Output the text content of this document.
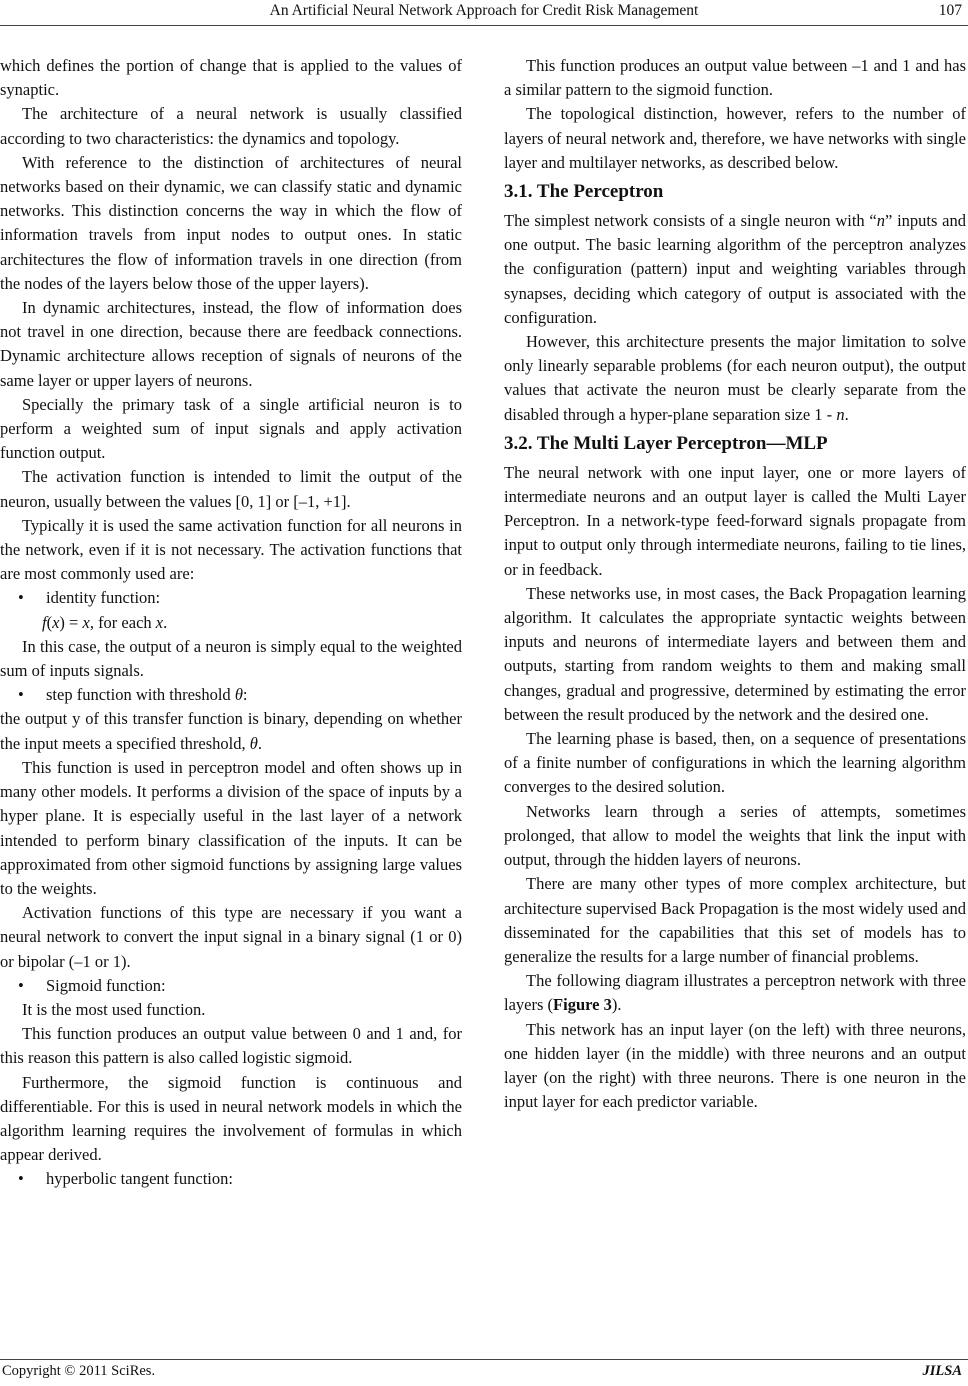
An Artificial Neural Network Approach for Credit Risk Management	107

which defines the portion of change that is applied to the values of synaptic.

The architecture of a neural network is usually classified according to two characteristics: the dynamics and topology.

With reference to the distinction of architectures of neural networks based on their dynamic, we can classify static and dynamic networks. This distinction concerns the way in which the flow of information travels from input nodes to output ones. In static architectures the flow of information travels in one direction (from the nodes of the layers below those of the upper layers).

In dynamic architectures, instead, the flow of information does not travel in one direction, because there are feedback connections. Dynamic architecture allows reception of signals of neurons of the same layer or upper layers of neurons.

Specially the primary task of a single artificial neuron is to perform a weighted sum of input signals and apply activation function output.

The activation function is intended to limit the output of the neuron, usually between the values [0, 1] or [–1, +1].

Typically it is used the same activation function for all neurons in the network, even if it is not necessary. The activation functions that are most commonly used are:

• identity function:

f(x) = x, for each x.

In this case, the output of a neuron is simply equal to the weighted sum of inputs signals.

• step function with threshold θ:

the output y of this transfer function is binary, depending on whether the input meets a specified threshold, θ.

This function is used in perceptron model and often shows up in many other models. It performs a division of the space of inputs by a hyper plane. It is especially useful in the last layer of a network intended to perform binary classification of the inputs. It can be approximated from other sigmoid functions by assigning large values to the weights.

Activation functions of this type are necessary if you want a neural network to convert the input signal in a binary signal (1 or 0) or bipolar (–1 or 1).

• Sigmoid function:

It is the most used function.

This function produces an output value between 0 and 1 and, for this reason this pattern is also called logistic sigmoid.

Furthermore, the sigmoid function is continuous and differentiable. For this is used in neural network models in which the algorithm learning requires the involvement of formulas in which appear derived.

• hyperbolic tangent function:

This function produces an output value between –1 and 1 and has a similar pattern to the sigmoid function.

The topological distinction, however, refers to the number of layers of neural network and, therefore, we have networks with single layer and multilayer networks, as described below.

3.1. The Perceptron

The simplest network consists of a single neuron with “n” inputs and one output. The basic learning algorithm of the perceptron analyzes the configuration (pattern) input and weighting variables through synapses, deciding which category of output is associated with the configuration.

However, this architecture presents the major limitation to solve only linearly separable problems (for each neuron output), the output values that activate the neuron must be clearly separate from the disabled through a hyper-plane separation size 1 - n.

3.2. The Multi Layer Perceptron—MLP

The neural network with one input layer, one or more layers of intermediate neurons and an output layer is called the Multi Layer Perceptron. In a network-type feed-forward signals propagate from input to output only through intermediate neurons, failing to tie lines, or in feedback.

These networks use, in most cases, the Back Propagation learning algorithm. It calculates the appropriate syntactic weights between inputs and neurons of intermediate layers and between them and outputs, starting from random weights to them and making small changes, gradual and progressive, determined by estimating the error between the result produced by the network and the desired one.

The learning phase is based, then, on a sequence of presentations of a finite number of configurations in which the learning algorithm converges to the desired solution.

Networks learn through a series of attempts, sometimes prolonged, that allow to model the weights that link the input with output, through the hidden layers of neurons.

There are many other types of more complex architecture, but architecture supervised Back Propagation is the most widely used and disseminated for the capabilities that this set of models has to generalize the results for a large number of financial problems.

The following diagram illustrates a perceptron network with three layers (Figure 3).

This network has an input layer (on the left) with three neurons, one hidden layer (in the middle) with three neurons and an output layer (on the right) with three neurons. There is one neuron in the input layer for each predictor variable.

Copyright © 2011 SciRes.	JILSA
